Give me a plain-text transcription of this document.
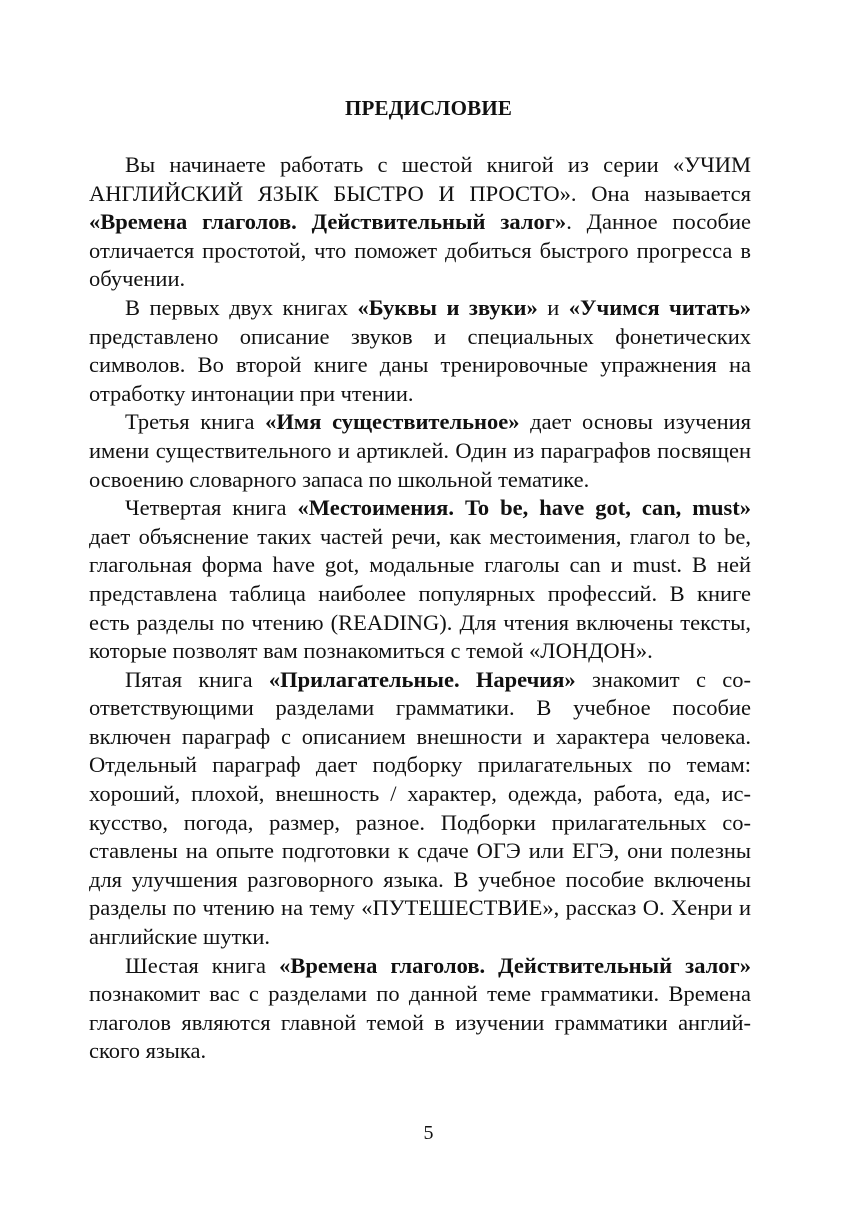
ПРЕДИСЛОВИЕ

Вы начинаете работать с шестой книгой из серии «УЧИМ АНГЛИЙСКИЙ ЯЗЫК БЫСТРО И ПРОСТО». Она называется «Времена глаголов. Действительный залог». Данное пособие отличается простотой, что поможет добиться быстрого прогресса в обучении.

В первых двух книгах «Буквы и звуки» и «Учимся читать» представлено описание звуков и специальных фонетических символов. Во второй книге даны тренировочные упражнения на отработку интонации при чтении.

Третья книга «Имя существительное» дает основы изучения имени существительного и артиклей. Один из параграфов посвящен освоению словарного запаса по школьной тематике.

Четвертая книга «Местоимения. To be, have got, can, must» дает объяснение таких частей речи, как местоимения, глагол to be, глагольная форма have got, модальные глаголы can и must. В ней представлена таблица наиболее популярных профессий. В книге есть разделы по чтению (READING). Для чтения включены тексты, которые позволят вам познакомиться с темой «ЛОНДОН».

Пятая книга «Прилагательные. Наречия» знакомит с соответствующими разделами грамматики. В учебное пособие включен параграф с описанием внешности и характера человека. Отдельный параграф дает подборку прилагательных по темам: хороший, плохой, внешность / характер, одежда, работа, еда, искусство, погода, размер, разное. Подборки прилагательных составлены на опыте подготовки к сдаче ОГЭ или ЕГЭ, они полезны для улучшения разговорного языка. В учебное пособие включены разделы по чтению на тему «ПУТЕШЕСТВИЕ», рассказ О. Хенри и английские шутки.

Шестая книга «Времена глаголов. Действительный залог» познакомит вас с разделами по данной теме грамматики. Времена глаголов являются главной темой в изучении грамматики английского языка.

5
